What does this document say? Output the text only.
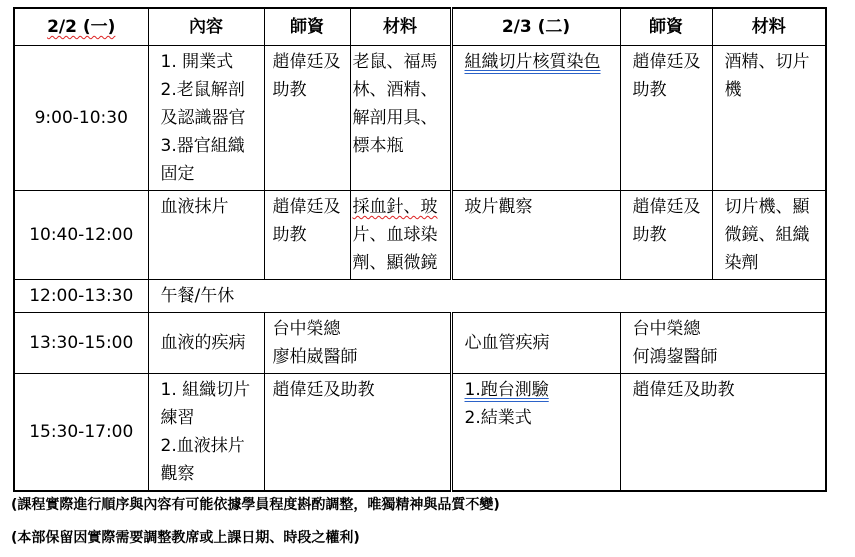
2/2 (一)	內容	師資	材料	2/3 (二)	師資	材料
9:00-10:30	1. 開業式
2.老鼠解剖
及認識器官
3.器官組織
固定	趙偉廷及
助教	老鼠、福馬
林、酒精、
解剖用具、
標本瓶	組織切片核質染色	趙偉廷及
助教	酒精、切片
機

10:40-12:00	血液抹片	趙偉廷及
助教	採血針、玻
片、血球染
劑、顯微鏡	玻片觀察	趙偉廷及
助教	切片機、顯
微鏡、組織
染劑

12:00-13:30	午餐/午休					
13:30-15:00	血液的疾病	台中榮總
廖柏崴醫師		心血管疾病	台中榮總
何鴻鋆醫師	

15:30-17:00	1. 組織切片
練習
2.血液抹片
觀察	趙偉廷及助教		1.跑台測驗
2.結業式	趙偉廷及助教	
(課程實際進行順序與內容有可能依據學員程度斟酌調整，唯獨精神與品質不變)
(本部保留因實際需要調整教席或上課日期、時段之權利)
